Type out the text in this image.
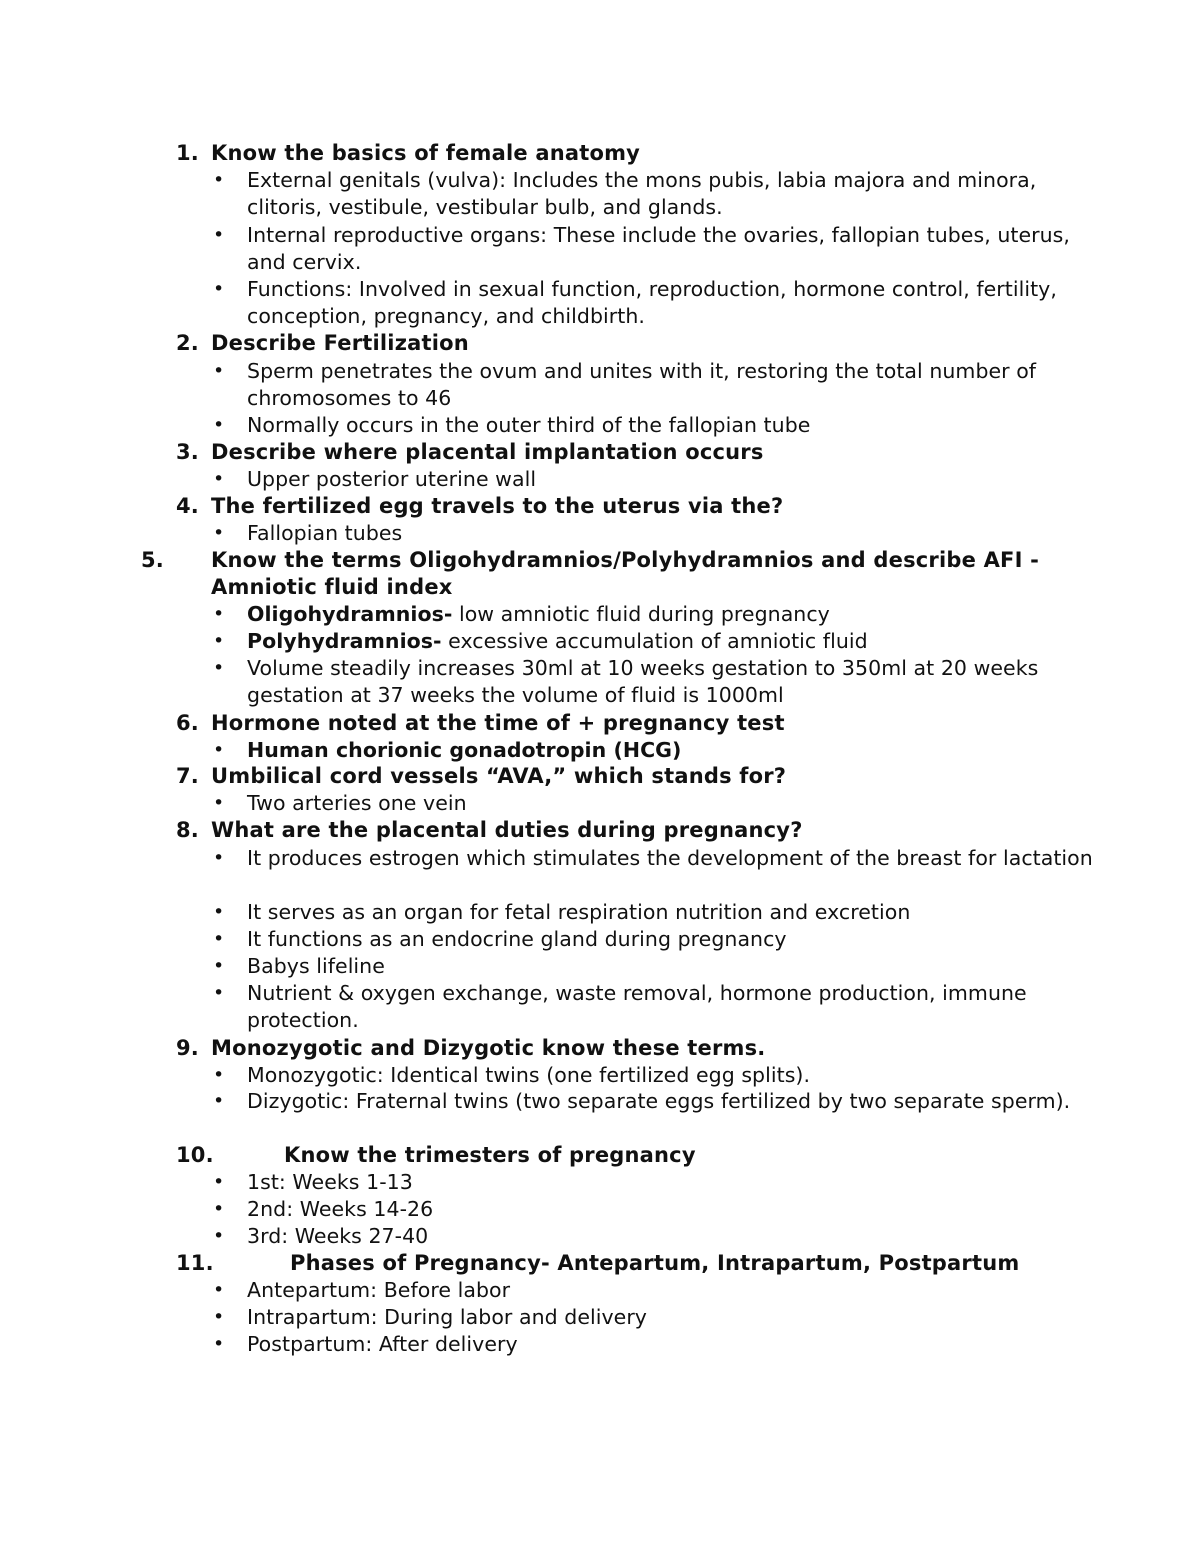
1. Know the basics of female anatomy
•	External genitals (vulva): Includes the mons pubis, labia majora and minora, clitoris, vestibule, vestibular bulb, and glands.
•	Internal reproductive organs: These include the ovaries, fallopian tubes, uterus, and cervix.
•	Functions: Involved in sexual function, reproduction, hormone control, fertility, conception, pregnancy, and childbirth.
2. Describe Fertilization
•	Sperm penetrates the ovum and unites with it, restoring the total number of chromosomes to 46
•	Normally occurs in the outer third of the fallopian tube
3. Describe where placental implantation occurs
•	Upper posterior uterine wall
4. The fertilized egg travels to the uterus via the?
•	Fallopian tubes
5. Know the terms Oligohydramnios/Polyhydramnios and describe AFI - Amniotic fluid index
•	Oligohydramnios- low amniotic fluid during pregnancy
•	Polyhydramnios- excessive accumulation of amniotic fluid
•	Volume steadily increases 30ml at 10 weeks gestation to 350ml at 20 weeks gestation at 37 weeks the volume of fluid is 1000ml
6. Hormone noted at the time of + pregnancy test
•	Human chorionic gonadotropin (HCG)
7. Umbilical cord vessels “AVA,” which stands for?
•	Two arteries one vein
8. What are the placental duties during pregnancy?
•	It produces estrogen which stimulates the development of the breast for lactation
•	It serves as an organ for fetal respiration nutrition and excretion
•	It functions as an endocrine gland during pregnancy
•	Babys lifeline
•	Nutrient & oxygen exchange, waste removal, hormone production, immune protection.
9. Monozygotic and Dizygotic know these terms.
•	Monozygotic: Identical twins (one fertilized egg splits).
•	Dizygotic: Fraternal twins (two separate eggs fertilized by two separate sperm).
10.	Know the trimesters of pregnancy
•	1st: Weeks 1-13
•	2nd: Weeks 14-26
•	3rd: Weeks 27-40
11.	Phases of Pregnancy- Antepartum, Intrapartum, Postpartum
•	Antepartum: Before labor
•	Intrapartum: During labor and delivery
•	Postpartum: After delivery
